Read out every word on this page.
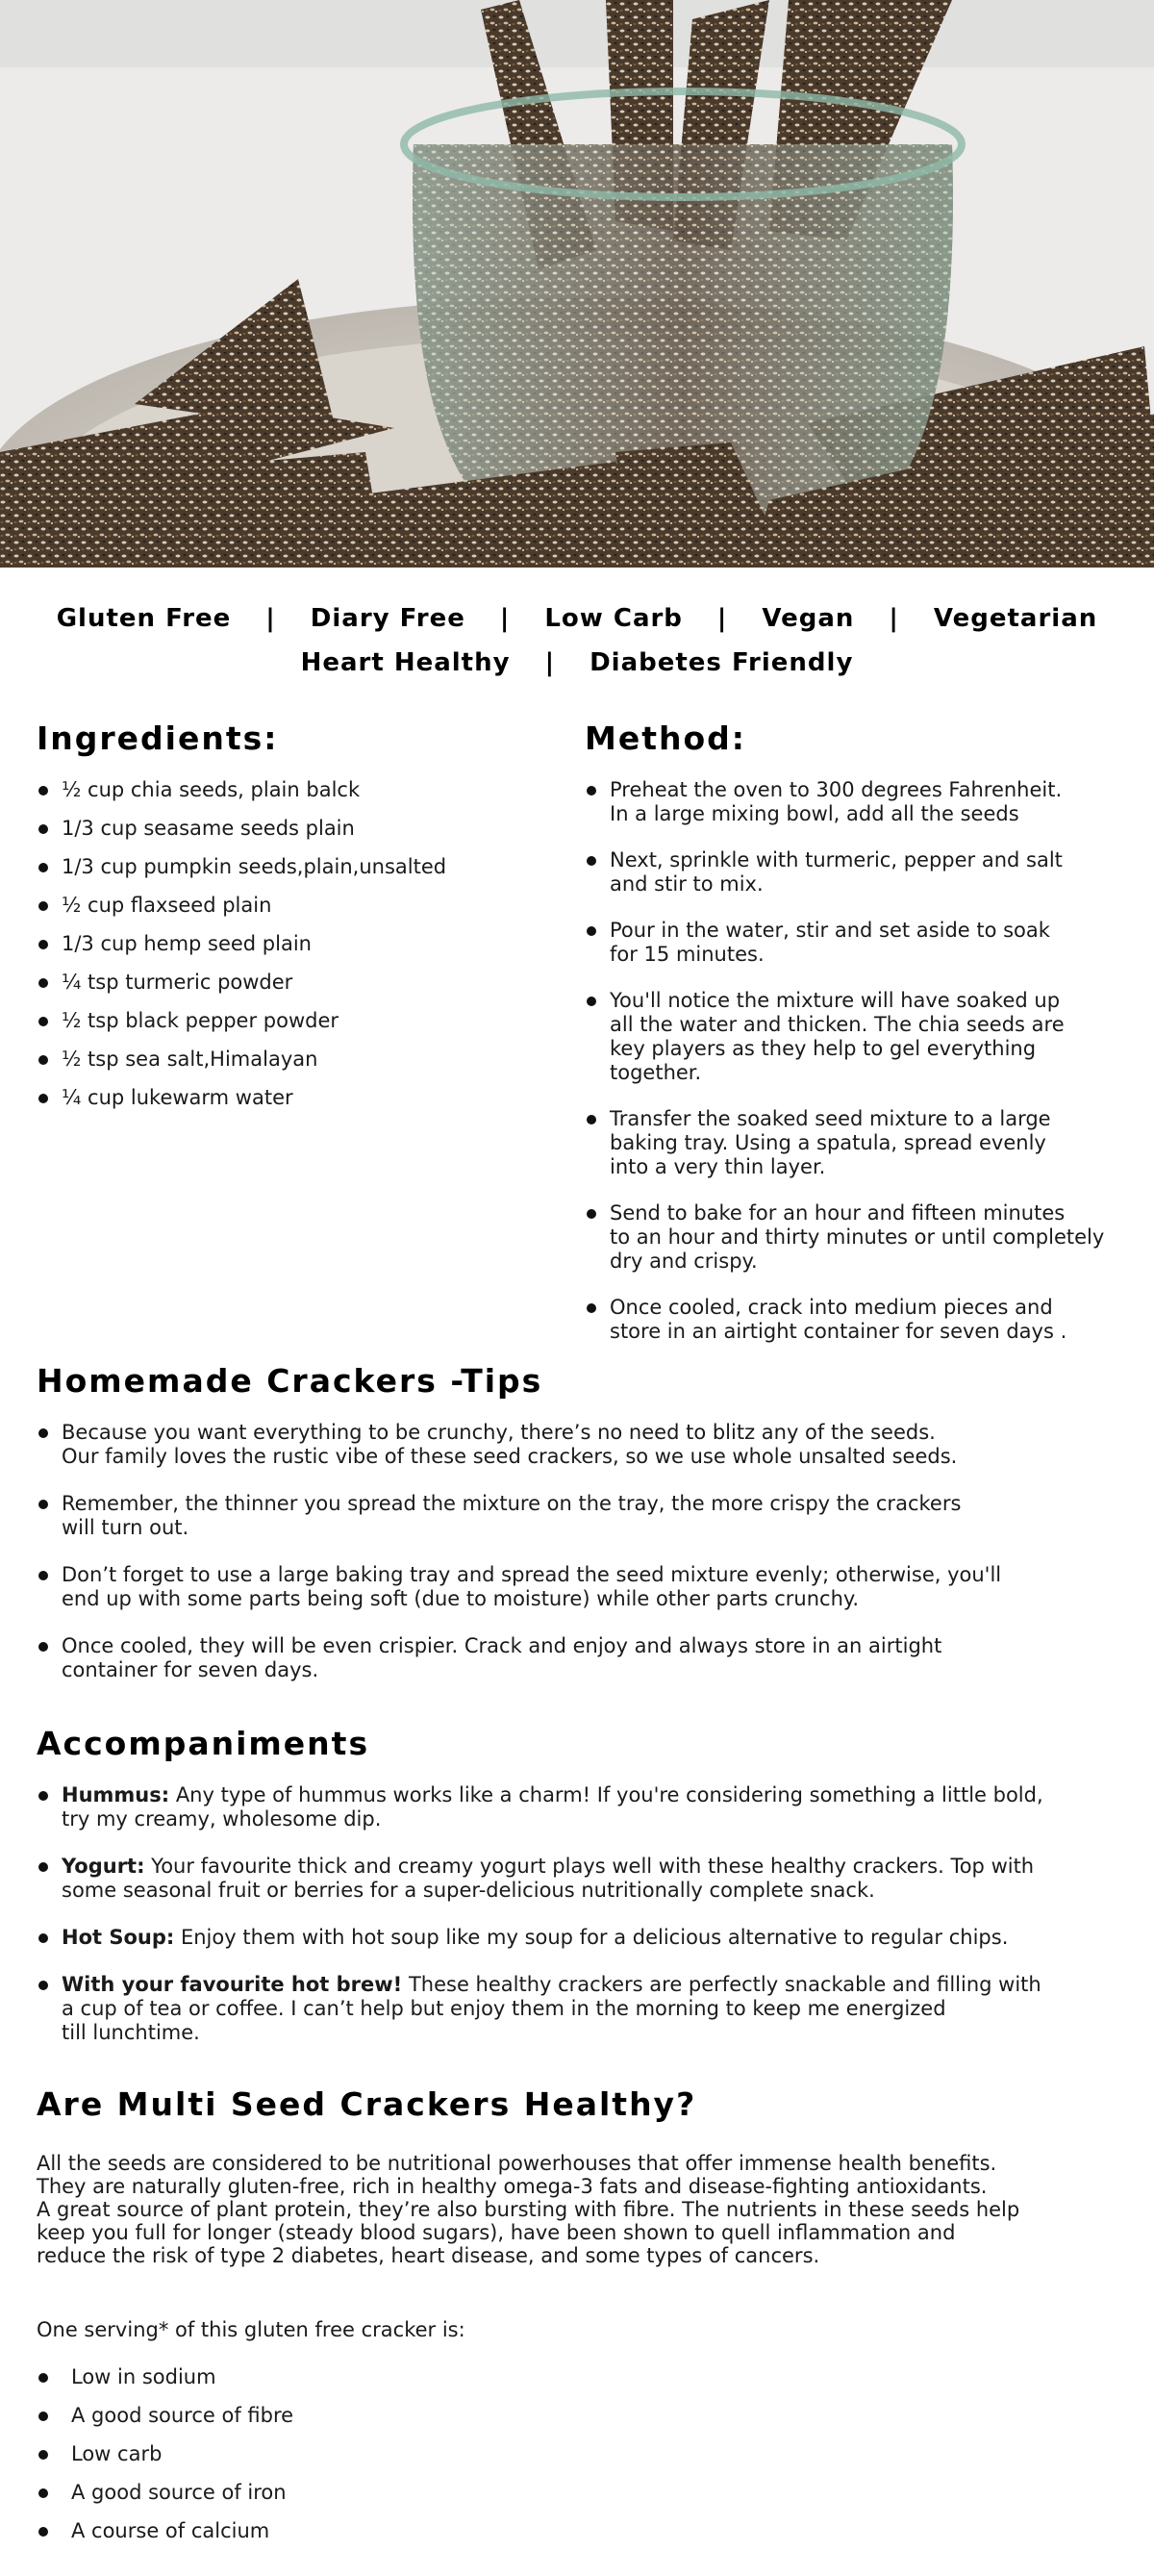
Gluten Free | Diary Free | Low Carb | Vegan | Vegetarian
Heart Healthy | Diabetes Friendly
Ingredients:
½ cup chia seeds, plain balck
1/3 cup seasame seeds plain
1/3 cup pumpkin seeds,plain,unsalted
½ cup flaxseed plain
1/3 cup hemp seed plain
¼ tsp turmeric powder
½ tsp black pepper powder
½ tsp sea salt,Himalayan
¼ cup lukewarm water
Method:
Preheat the oven to 300 degrees Fahrenheit.
In a large mixing bowl, add all the seeds
Next, sprinkle with turmeric, pepper and salt
and stir to mix.
Pour in the water, stir and set aside to soak
for 15 minutes.
You'll notice the mixture will have soaked up
all the water and thicken. The chia seeds are
key players as they help to gel everything
together.
Transfer the soaked seed mixture to a large
baking tray. Using a spatula, spread evenly
into a very thin layer.
Send to bake for an hour and fifteen minutes
to an hour and thirty minutes or until completely
dry and crispy.
Once cooled, crack into medium pieces and
store in an airtight container for seven days .
Homemade Crackers -Tips
Because you want everything to be crunchy, there’s no need to blitz any of the seeds.
Our family loves the rustic vibe of these seed crackers, so we use whole unsalted seeds.
Remember, the thinner you spread the mixture on the tray, the more crispy the crackers
will turn out.
Don’t forget to use a large baking tray and spread the seed mixture evenly; otherwise, you'll
end up with some parts being soft (due to moisture) while other parts crunchy.
Once cooled, they will be even crispier. Crack and enjoy and always store in an airtight
container for seven days.
Accompaniments
Hummus: Any type of hummus works like a charm! If you're considering something a little bold,
try my creamy, wholesome dip.
Yogurt: Your favourite thick and creamy yogurt plays well with these healthy crackers. Top with
some seasonal fruit or berries for a super-delicious nutritionally complete snack.
Hot Soup: Enjoy them with hot soup like my soup for a delicious alternative to regular chips.
With your favourite hot brew! These healthy crackers are perfectly snackable and filling with
a cup of tea or coffee. I can’t help but enjoy them in the morning to keep me energized
till lunchtime.
Are Multi Seed Crackers Healthy?

All the seeds are considered to be nutritional powerhouses that offer immense health benefits.
They are naturally gluten-free, rich in healthy omega-3 fats and disease-fighting antioxidants.
A great source of plant protein, they’re also bursting with fibre. The nutrients in these seeds help
keep you full for longer (steady blood sugars), have been shown to quell inflammation and
reduce the risk of type 2 diabetes, heart disease, and some types of cancers.

One serving* of this gluten free cracker is:

Low in sodium
A good source of fibre
Low carb
A good source of iron
A course of calcium
